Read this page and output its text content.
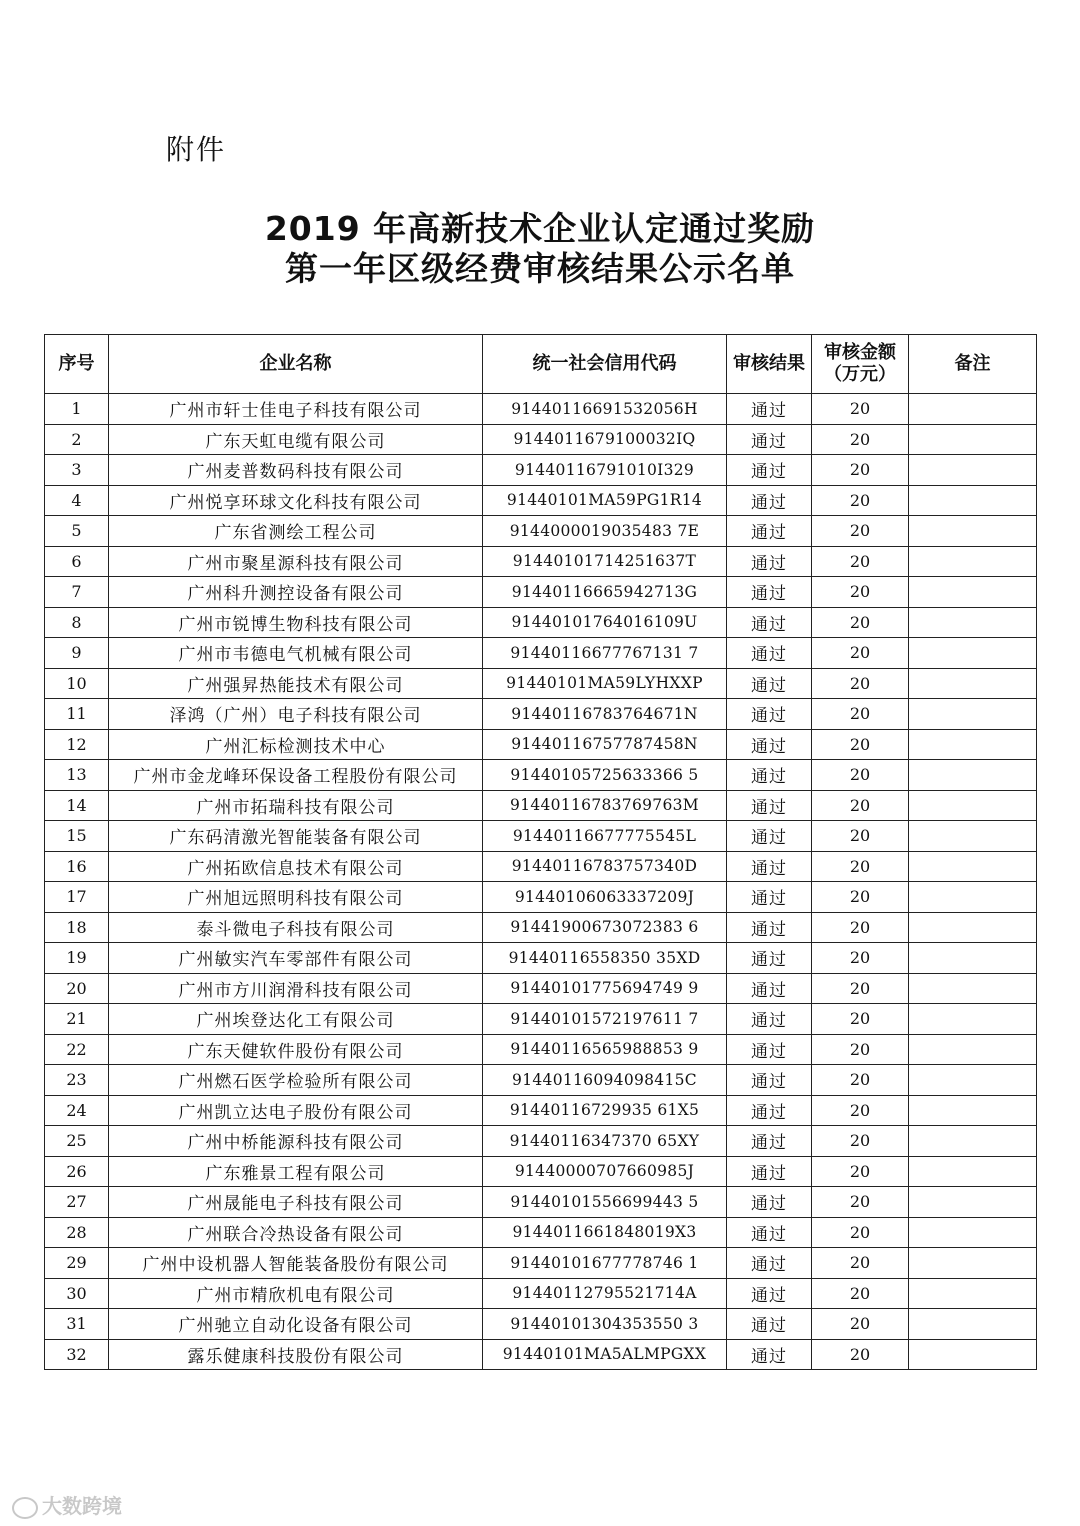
附件
2019 年高新技术企业认定通过奖励
第一年区级经费审核结果公示名单
序号	企业名称	统一社会信用代码	审核结果	审核金额
（万元）	备注
1	广州市轩士佳电子科技有限公司	91440116691532056H	通过	20	
2	广东天虹电缆有限公司	9144011679100032IQ	通过	20	
3	广州麦普数码科技有限公司	91440116791010I329	通过	20	
4	广州悦享环球文化科技有限公司	91440101MA59PG1R14	通过	20	
5	广东省测绘工程公司	9144000019035483 7E	通过	20	
6	广州市聚星源科技有限公司	91440101714251637T	通过	20	
7	广州科升测控设备有限公司	91440116665942713G	通过	20	
8	广州市锐博生物科技有限公司	91440101764016109U	通过	20	
9	广州市韦德电气机械有限公司	91440116677767131 7	通过	20	
10	广州强昇热能技术有限公司	91440101MA59LYHXXP	通过	20	
11	泽鸿（广州）电子科技有限公司	91440116783764671N	通过	20	
12	广州汇标检测技术中心	91440116757787458N	通过	20	
13	广州市金龙峰环保设备工程股份有限公司	91440105725633366 5	通过	20	
14	广州市拓瑞科技有限公司	91440116783769763M	通过	20	
15	广东码清激光智能装备有限公司	91440116677775545L	通过	20	
16	广州拓欧信息技术有限公司	91440116783757340D	通过	20	
17	广州旭远照明科技有限公司	91440106063337209J	通过	20	
18	泰斗微电子科技有限公司	91441900673072383 6	通过	20	
19	广州敏实汽车零部件有限公司	91440116558350 35XD	通过	20	
20	广州市方川润滑科技有限公司	91440101775694749 9	通过	20	
21	广州埃登达化工有限公司	91440101572197611 7	通过	20	
22	广东天健软件股份有限公司	91440116565988853 9	通过	20	
23	广州燃石医学检验所有限公司	91440116094098415C	通过	20	
24	广州凯立达电子股份有限公司	91440116729935 61X5	通过	20	
25	广州中桥能源科技有限公司	91440116347370 65XY	通过	20	
26	广东雅景工程有限公司	91440000707660985J	通过	20	
27	广州晟能电子科技有限公司	91440101556699443 5	通过	20	
28	广州联合冷热设备有限公司	9144011661848019X3	通过	20	
29	广州中设机器人智能装备股份有限公司	91440101677778746 1	通过	20	
30	广州市精欣机电有限公司	91440112795521714A	通过	20	
31	广州驰立自动化设备有限公司	91440101304353550 3	通过	20	
32	露乐健康科技股份有限公司	91440101MA5ALMPGXX	通过	20	
大数跨境
